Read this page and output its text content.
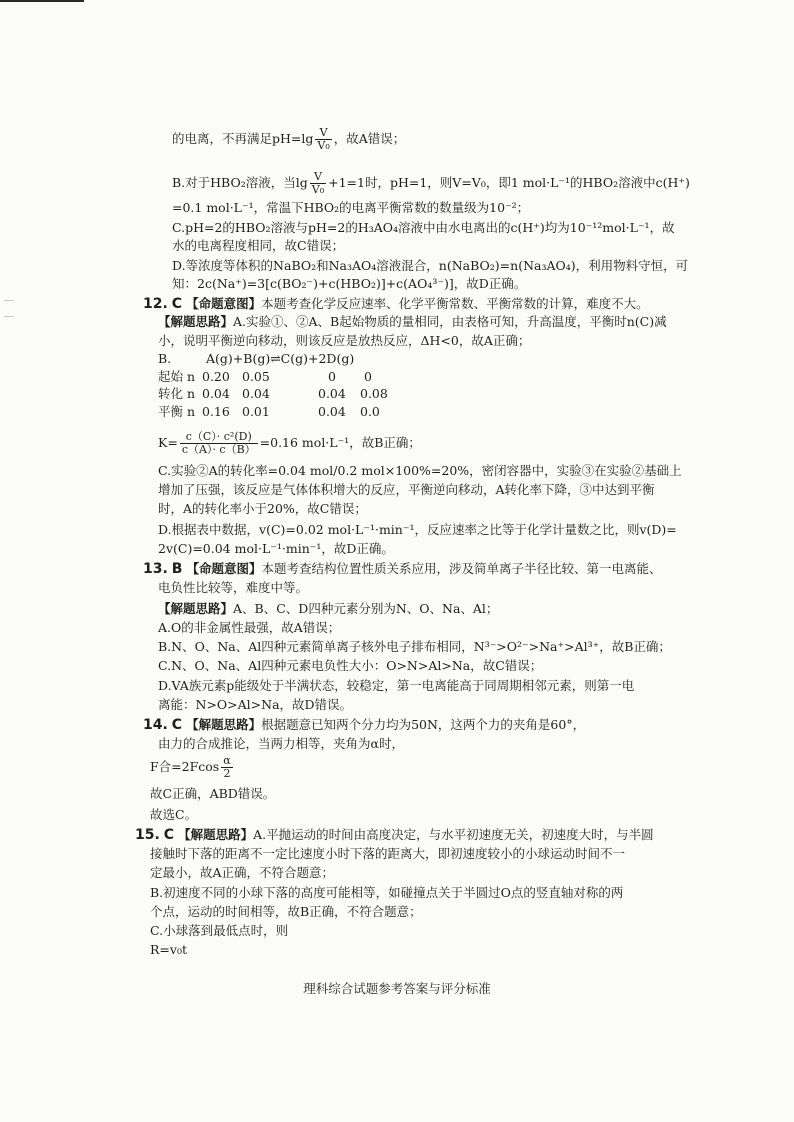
的电离，不再满足$pH=\lg \frac{V}{\text{V₀}}$ ，故A错误；
B.对于HBO₂溶液，当$\lg \frac{V}{\text{V₀}} +1=1$时，pH=1，则V=V₀，即1 mol·L⁻¹的HBO₂溶液中c(H⁺)
=0.1 mol·L⁻¹，常温下HBO₂的电离平衡常数的数量级为10⁻²；
C.pH=2的HBO₂溶液与pH=2的H₃AO₄溶液中由水电离出的c(H⁺)均为10⁻¹²mol·L⁻¹，故
水的电离程度相同，故C错误；
D.等浓度等体积的NaBO₂和Na₃AO₄溶液混合，n(NaBO₂)=n(Na₃AO₄)，利用物料守恒，可
知：2c(Na⁺)=3[c(BO₂⁻)+c(HBO₂)]+c(AO₄³⁻)]，故D正确。
12. C 【命题意图】本题考查化学反应速率、化学平衡常数、平衡常数的计算，难度不大。
【解题思路】A.实验①、②A、B起始物质的量相同，由表格可知，升高温度，平衡时n(C)减
小，说明平衡逆向移动，则该反应是放热反应，ΔH<0，故A正确；
B.	A(g)+B(g)⇌C(g)+2D(g)
起始 n 0.20 0.05	0 0
转化 n 0.04 0.04	0.04 0.08
平衡 n 0.16 0.01	0.04 0.0
$K= \frac{\text{c（C）· c²(D)}}{c(A)\cdot c(B)} =0.16$ mol·L⁻¹，故B正确；
C.实验②A的转化率=0.04 mol/0.2 mol×100%=20%，密闭容器中，实验③在实验②基础上
增加了压强，该反应是气体体积增大的反应，平衡逆向移动，A转化率下降，③中达到平衡
时，A的转化率小于20%，故C错误；
D.根据表中数据，v(C)=0.02 mol·L⁻¹·min⁻¹，反应速率之比等于化学计量数之比，则v(D)=
2v(C)=0.04 mol·L⁻¹·min⁻¹，故D正确。
13. B 【命题意图】本题考查结构位置性质关系应用，涉及简单离子半径比较、第一电离能、
电负性比较等，难度中等。
【解题思路】A、B、C、D四种元素分别为N、O、Na、Al；
A.O的非金属性最强，故A错误；
B.N、O、Na、Al四种元素简单离子核外电子排布相同，N³⁻>O²⁻>Na⁺>Al³⁺，故B正确；
C.N、O、Na、Al四种元素电负性大小：O>N>Al>Na，故C错误；
D.VA族元素p能级处于半满状态，较稳定，第一电离能高于同周期相邻元素，则第一电
离能：N>O>Al>Na，故D错误。
14. C 【解题思路】根据题意已知两个分力均为50N，这两个力的夹角是60°，
由力的合成推论，当两力相等，夹角为α时，
F合$=2Fcos \frac{\alpha}{2}$
故C正确，ABD错误。
故选C。
15. C 【解题思路】A.平抛运动的时间由高度决定，与水平初速度无关，初速度大时，与半圆
接触时下落的距离不一定比速度小时下落的距离大，即初速度较小的小球运动时间不一
定最小，故A正确，不符合题意；
B.初速度不同的小球下落的高度可能相等，如碰撞点关于半圆过O点的竖直轴对称的两
个点，运动的时间相等，故B正确，不符合题意；
C.小球落到最低点时，则
R=v₀t
理科综合试题参考答案与评分标准
